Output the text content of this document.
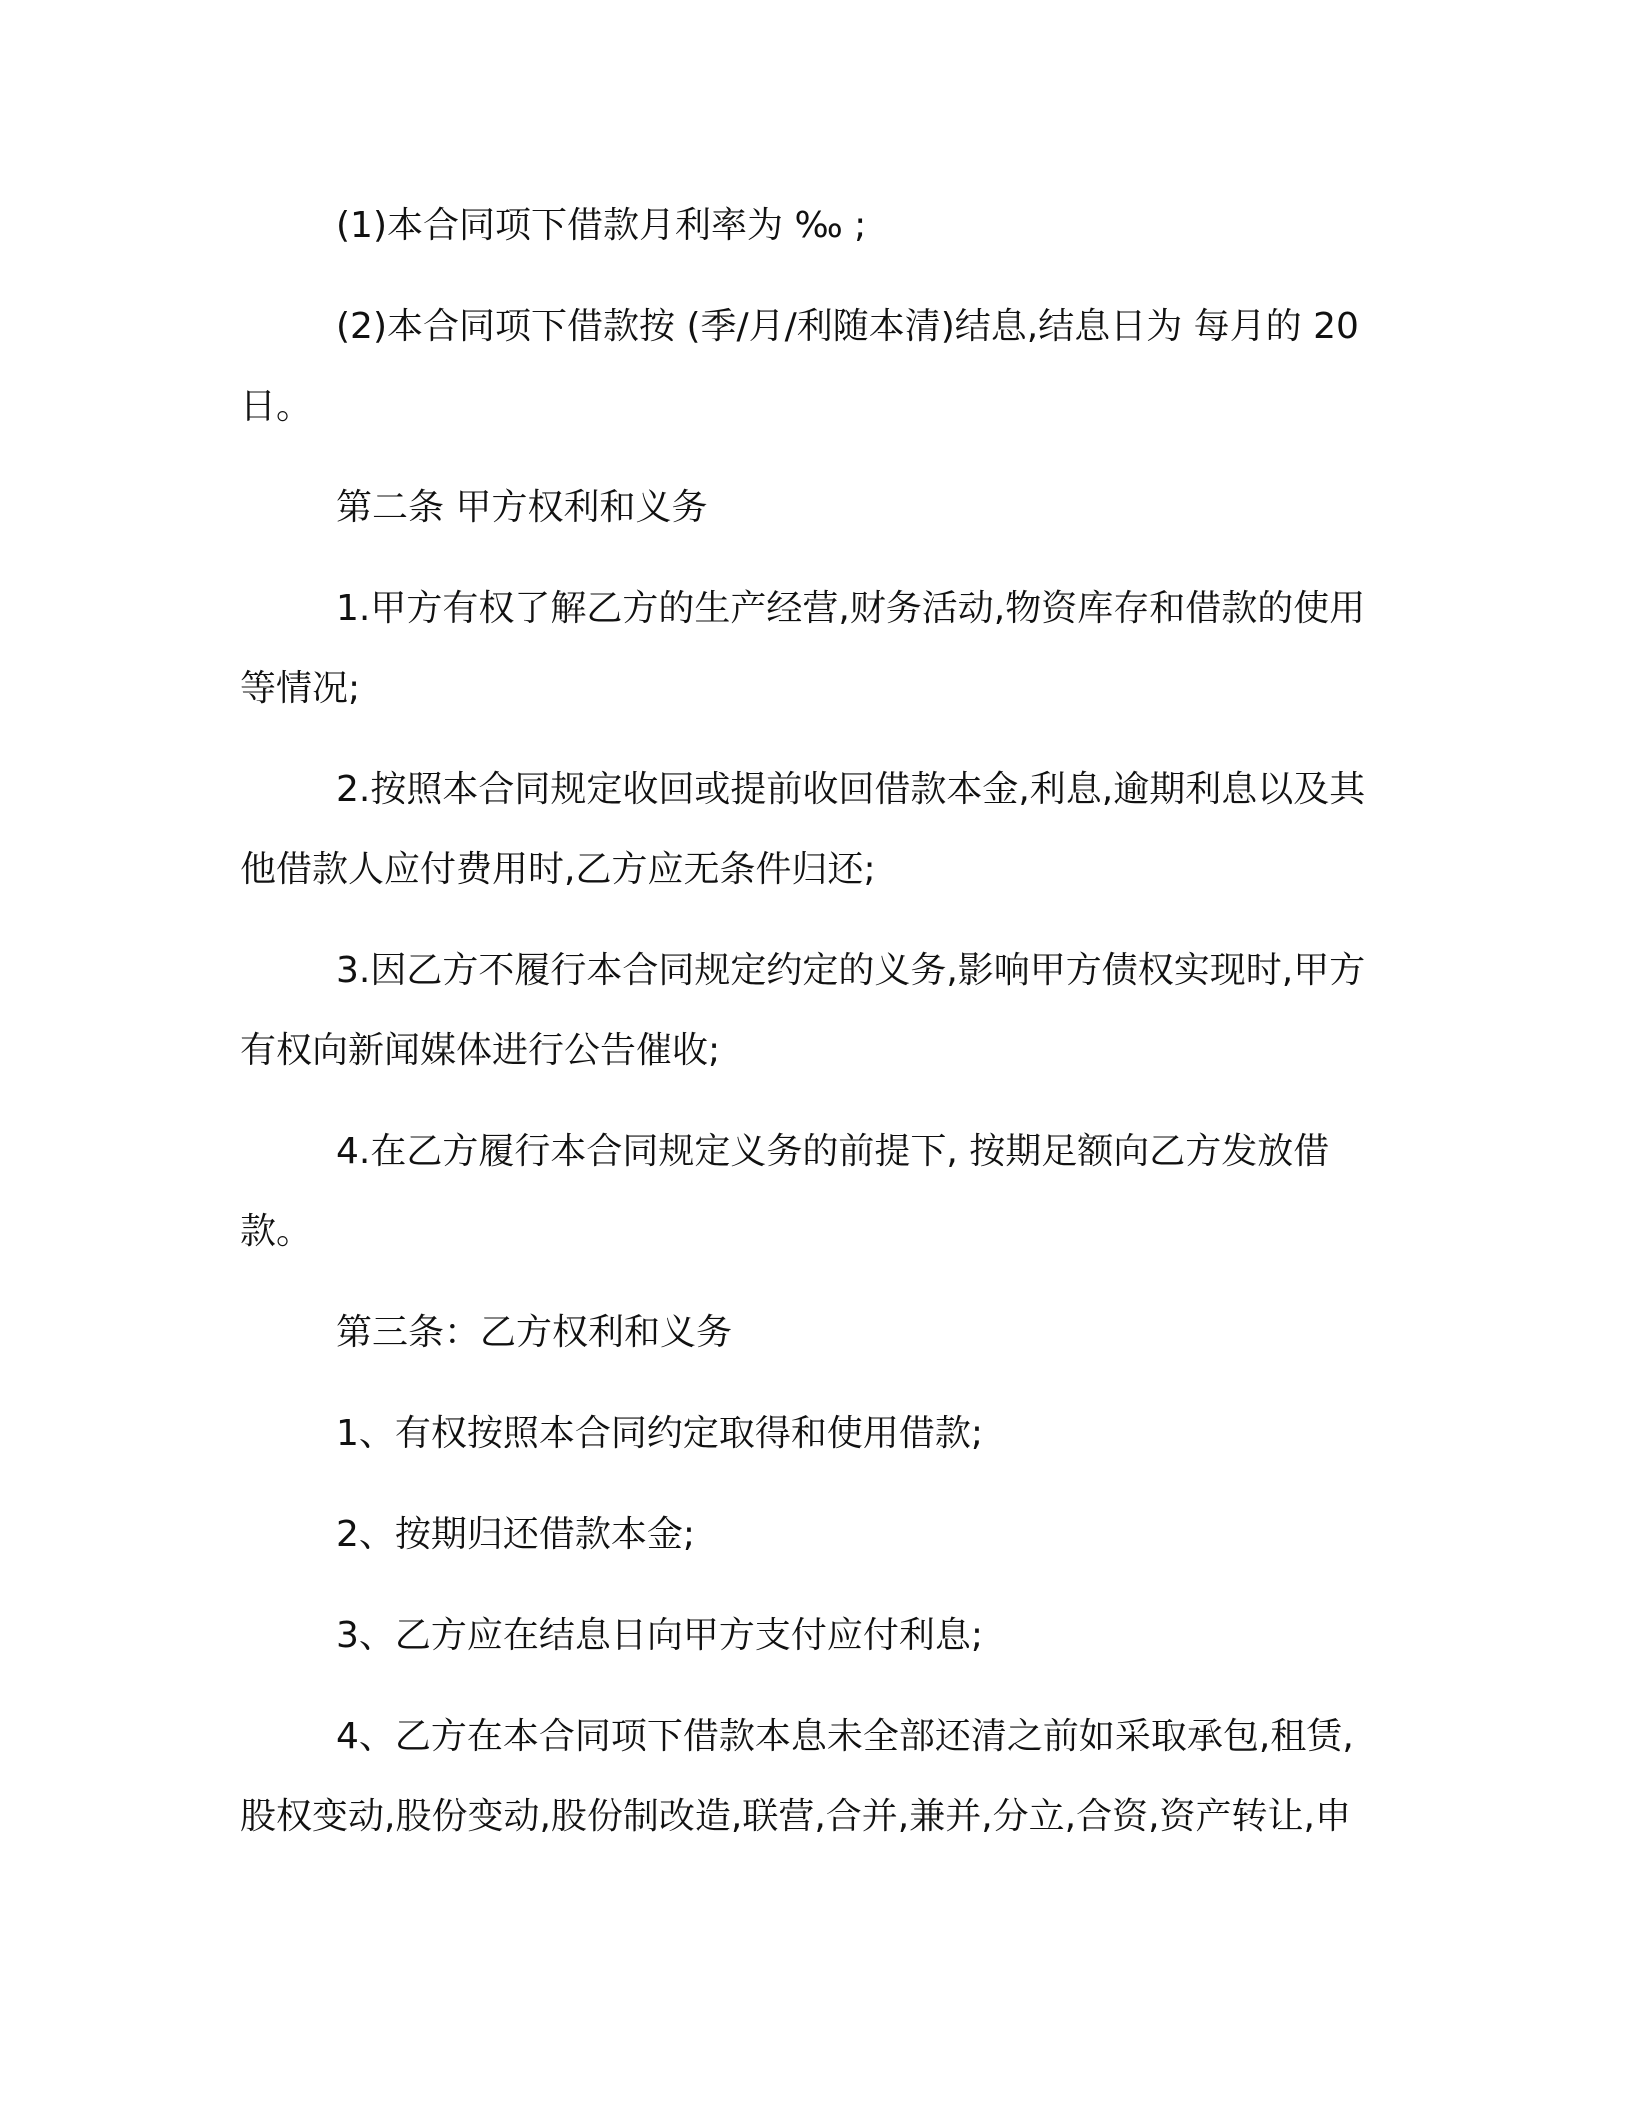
(1)本合同项下借款月利率为 ‰ ;

(2)本合同项下借款按 (季/月/利随本清)结息,结息日为 每月的 20 日。

第二条 甲方权利和义务

1.甲方有权了解乙方的生产经营,财务活动,物资库存和借款的使用等情况;

2.按照本合同规定收回或提前收回借款本金,利息,逾期利息以及其他借款人应付费用时,乙方应无条件归还;

3.因乙方不履行本合同规定约定的义务,影响甲方债权实现时,甲方有权向新闻媒体进行公告催收;

4.在乙方履行本合同规定义务的前提下, 按期足额向乙方发放借款。

第三条：乙方权利和义务

1、有权按照本合同约定取得和使用借款;

2、按期归还借款本金;

3、乙方应在结息日向甲方支付应付利息;

4、乙方在本合同项下借款本息未全部还清之前如采取承包,租赁,股权变动,股份变动,股份制改造,联营,合并,兼并,分立,合资,资产转让,申
